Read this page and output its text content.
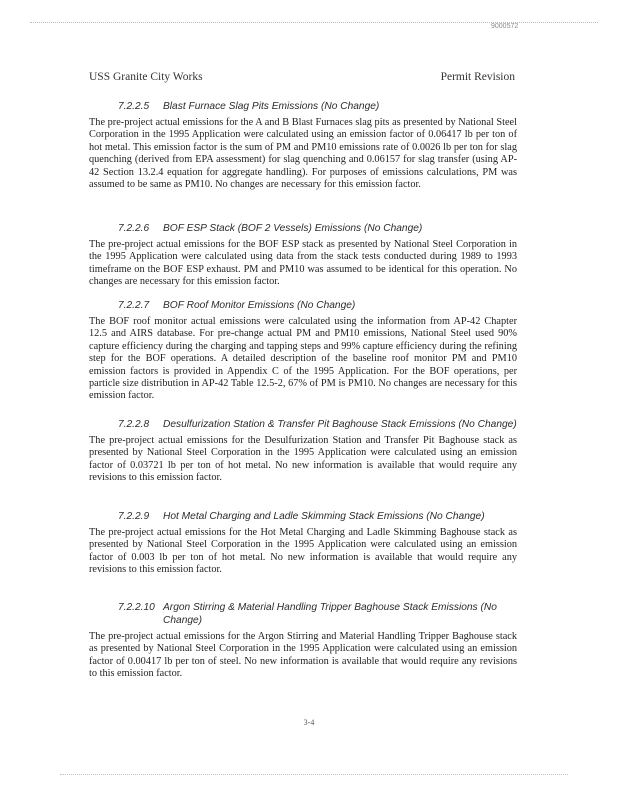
9000572
USS Granite City Works	Permit Revision
7.2.2.5	Blast Furnace Slag Pits Emissions (No Change)
The pre-project actual emissions for the A and B Blast Furnaces slag pits as presented by National Steel Corporation in the 1995 Application were calculated using an emission factor of 0.06417 lb per ton of hot metal. This emission factor is the sum of PM and PM10 emissions rate of 0.0026 lb per ton for slag quenching (derived from EPA assessment) for slag quenching and 0.06157 for slag transfer (using AP-42 Section 13.2.4 equation for aggregate handling). For purposes of emissions calculations, PM was assumed to be same as PM10. No changes are necessary for this emission factor.
7.2.2.6	BOF ESP Stack (BOF 2 Vessels) Emissions (No Change)
The pre-project actual emissions for the BOF ESP stack as presented by National Steel Corporation in the 1995 Application were calculated using data from the stack tests conducted during 1989 to 1993 timeframe on the BOF ESP exhaust. PM and PM10 was assumed to be identical for this operation. No changes are necessary for this emission factor.
7.2.2.7	BOF Roof Monitor Emissions (No Change)
The BOF roof monitor actual emissions were calculated using the information from AP-42 Chapter 12.5 and AIRS database. For pre-change actual PM and PM10 emissions, National Steel used 90% capture efficiency during the charging and tapping steps and 99% capture efficiency during the refining step for the BOF operations. A detailed description of the baseline roof monitor PM and PM10 emission factors is provided in Appendix C of the 1995 Application. For the BOF operations, per particle size distribution in AP-42 Table 12.5-2, 67% of PM is PM10. No changes are necessary for this emission factor.
7.2.2.8	Desulfurization Station & Transfer Pit Baghouse Stack Emissions (No Change)
The pre-project actual emissions for the Desulfurization Station and Transfer Pit Baghouse stack as presented by National Steel Corporation in the 1995 Application were calculated using an emission factor of 0.03721 lb per ton of hot metal. No new information is available that would require any revisions to this emission factor.
7.2.2.9	Hot Metal Charging and Ladle Skimming Stack Emissions (No Change)
The pre-project actual emissions for the Hot Metal Charging and Ladle Skimming Baghouse stack as presented by National Steel Corporation in the 1995 Application were calculated using an emission factor of 0.003 lb per ton of hot metal. No new information is available that would require any revisions to this emission factor.
7.2.2.10 Argon Stirring & Material Handling Tripper Baghouse Stack Emissions (No Change)
The pre-project actual emissions for the Argon Stirring and Material Handling Tripper Baghouse stack as presented by National Steel Corporation in the 1995 Application were calculated using an emission factor of 0.00417 lb per ton of steel. No new information is available that would require any revisions to this emission factor.
3-4
